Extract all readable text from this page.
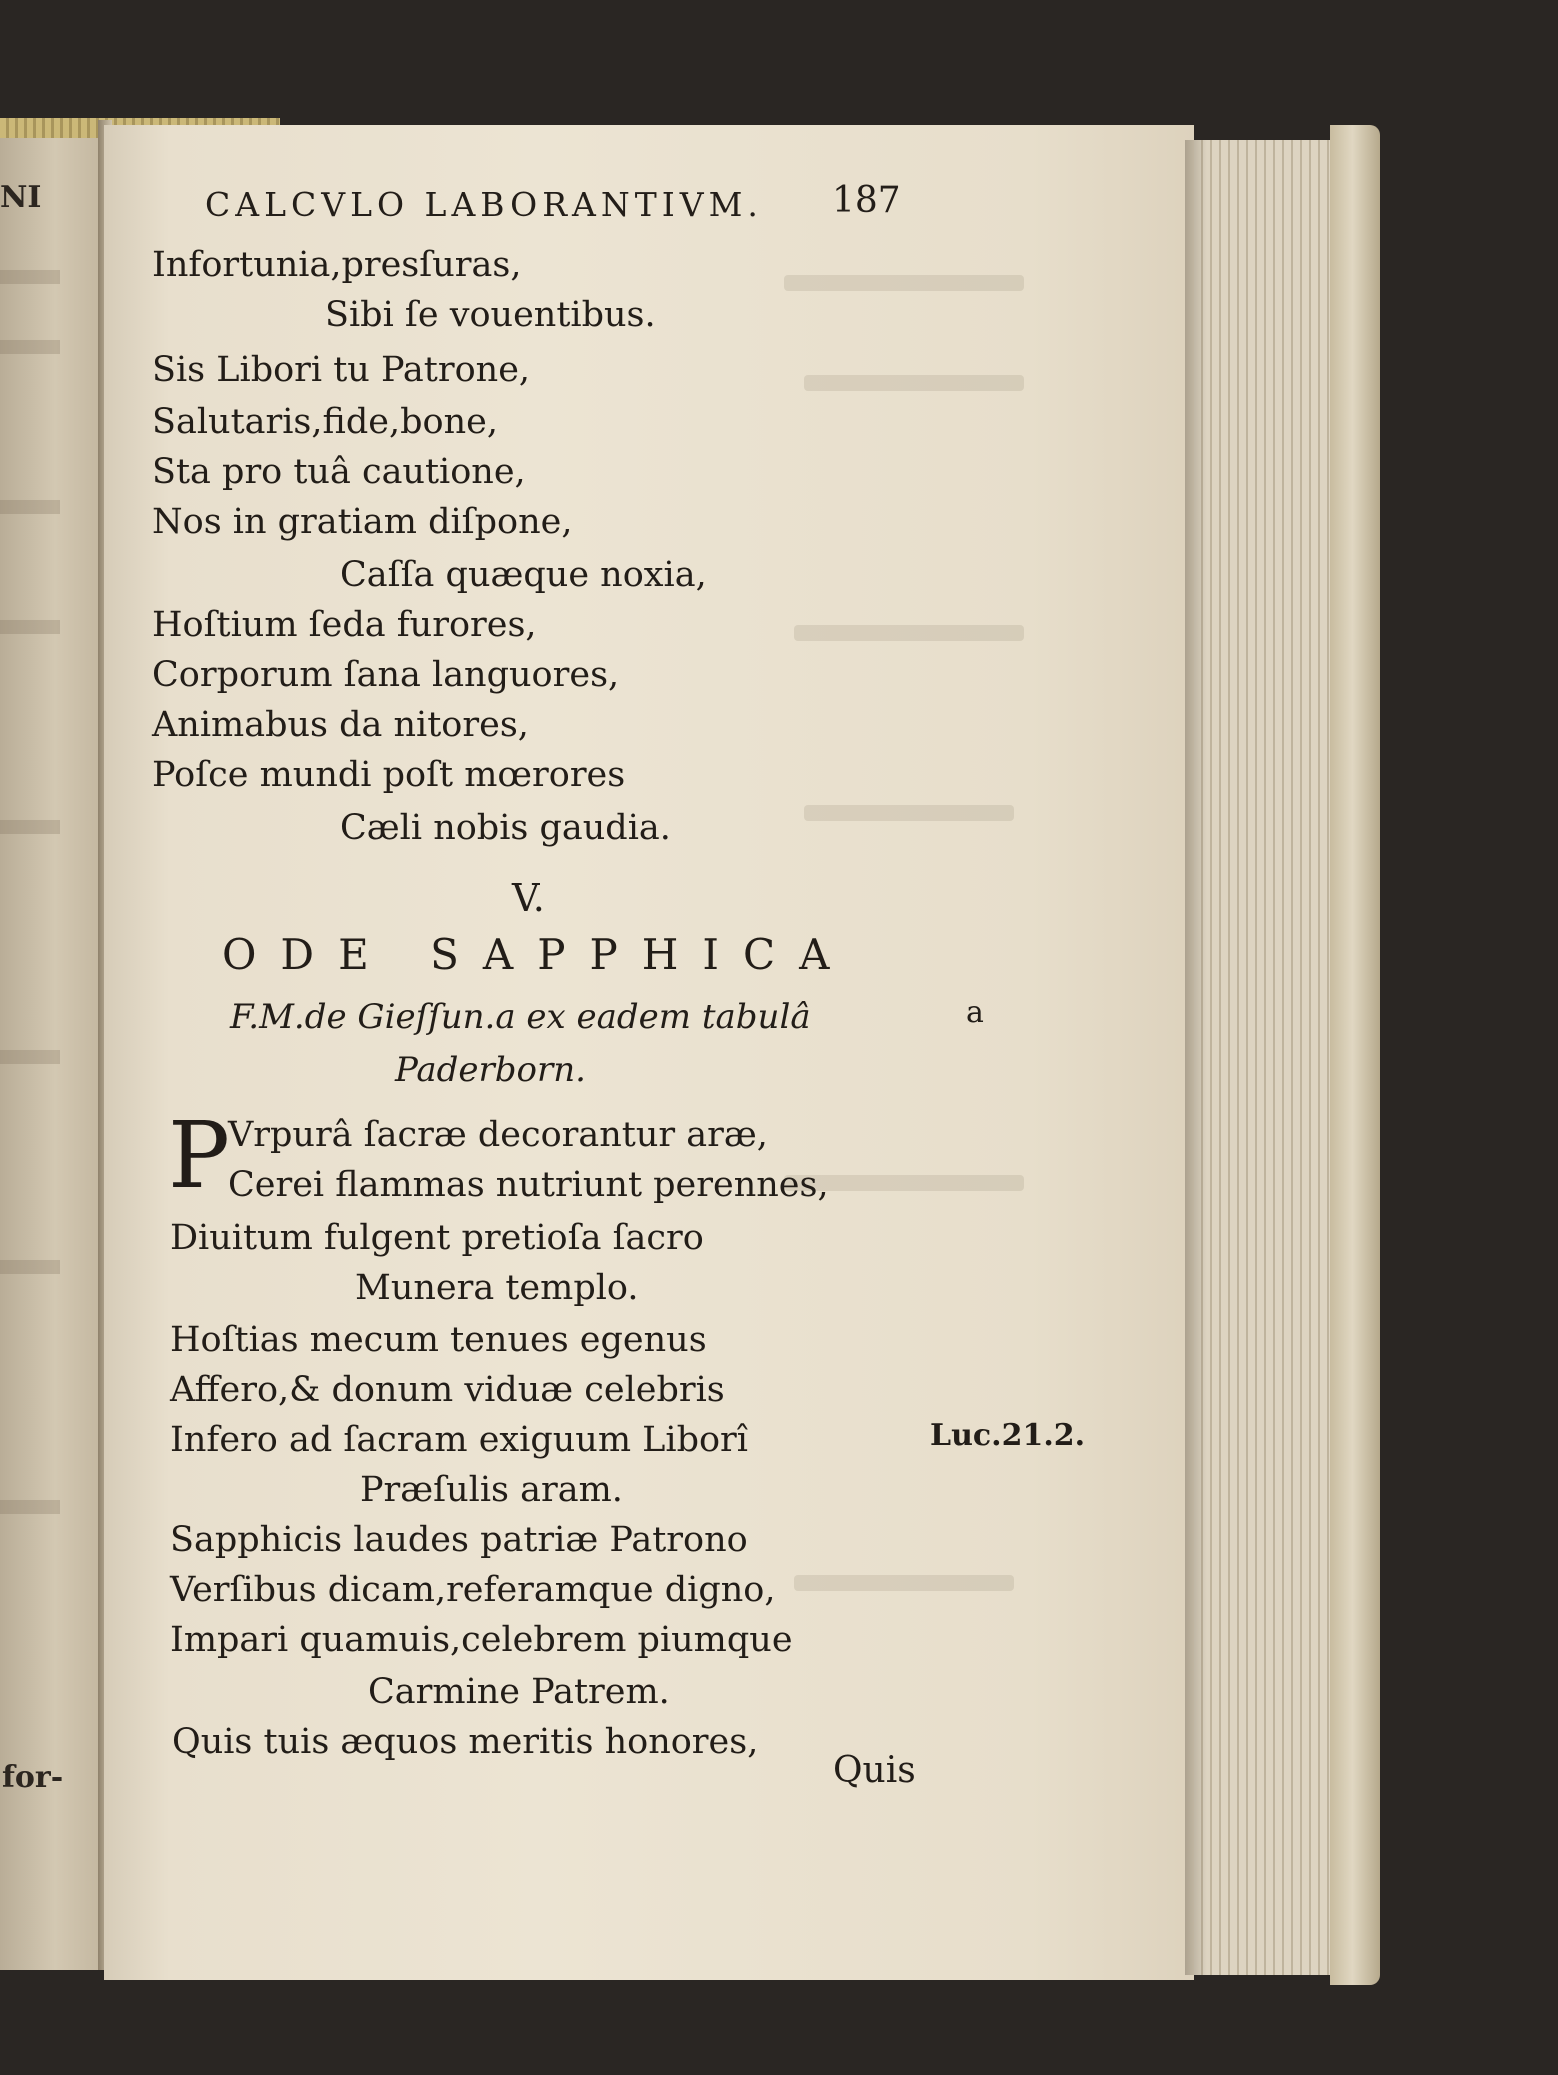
NI
for-
CALCVLO LABORANTIVM. 187
Infortunia,presſuras,
Sibi ſe vouentibus.
Sis Libori tu Patrone,
Salutaris,fide,bone,
Sta pro tuâ cautione,
Nos in gratiam diſpone,
Caſſa quæque noxia,
Hoſtium ſeda furores,
Corporum ſana languores,
Animabus da nitores,
Poſce mundi poſt mœrores
Cæli nobis gaudia.
V.
ODE SAPPHICA
F.M.de Gieſſun.a ex eadem tabulâ
Paderborn.
a
P
Vrpurâ ſacræ decorantur aræ,
Cerei flammas nutriunt perennes,
Diuitum fulgent pretioſa ſacro
Munera templo.
Hoſtias mecum tenues egenus
Affero,& donum viduæ celebris
Infero ad ſacram exiguum Liborî
Præſulis aram.
Sapphicis laudes patriæ Patrono
Verſibus dicam,referamque digno,
Impari quamuis,celebrem piumque
Carmine Patrem.
Quis tuis æquos meritis honores,
Luc.21.2.
Quis
